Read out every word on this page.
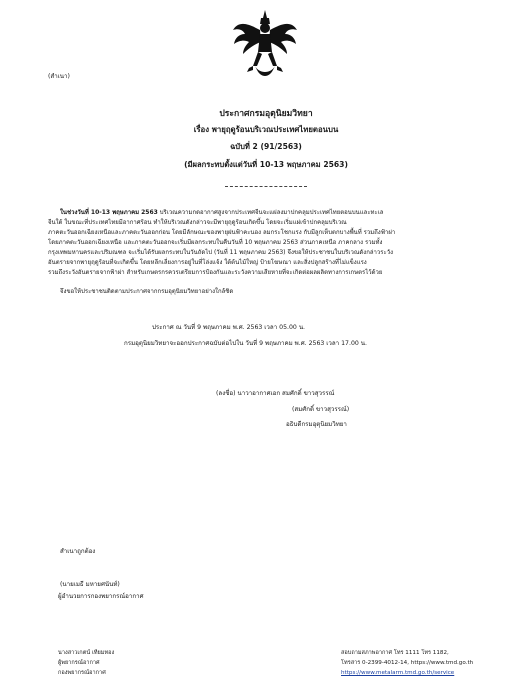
(สำเนา)
ประกาศกรมอุตุนิยมวิทยา
เรื่อง พายุฤดูร้อนบริเวณประเทศไทยตอนบน
ฉบับที่ 2 (91/2563)
(มีผลกระทบตั้งแต่วันที่ 10-13 พฤษภาคม 2563)
ในช่วงวันที่ 10-13 พฤษภาคม 2563 บริเวณความกดอากาศสูงจากประเทศจีนจะแผ่ลงมาปกคลุมประเทศไทยตอนบนและทะเล
จีนใต้ ในขณะที่ประเทศไทยมีอากาศร้อน ทำให้บริเวณดังกล่าวจะมีพายุฤดูร้อนเกิดขึ้น โดยจะเริ่มแผ่เข้าปกคลุมบริเวณ
ภาคตะวันออกเฉียงเหนือและภาคตะวันออกก่อน โดยมีลักษณะของพายุฝนฟ้าคะนอง ลมกระโชกแรง กับมีลูกเห็บตกบางพื้นที่ รวมถึงฟ้าผ่า
โดยภาคตะวันออกเฉียงเหนือ และภาคตะวันออกจะเริ่มมีผลกระทบในคืนวันที่ 10 พฤษภาคม 2563 ส่วนภาคเหนือ ภาคกลาง รวมทั้ง
กรุงเทพมหานครและปริมณฑล จะเริ่มได้รับผลกระทบในวันถัดไป (วันที่ 11 พฤษภาคม 2563) จึงขอให้ประชาชนในบริเวณดังกล่าวระวัง
อันตรายจากพายุฤดูร้อนที่จะเกิดขึ้น โดยหลีกเลี่ยงการอยู่ในที่โล่งแจ้ง ใต้ต้นไม้ใหญ่ ป้ายโฆษณา และสิ่งปลูกสร้างที่ไม่แข็งแรง
รวมถึงระวังอันตรายจากฟ้าผ่า สำหรับเกษตรกรควรเตรียมการป้องกันและระวังความเสียหายที่จะเกิดต่อผลผลิตทางการเกษตรไว้ด้วย
จึงขอให้ประชาชนติดตามประกาศจากกรมอุตุนิยมวิทยาอย่างใกล้ชิด
ประกาศ ณ วันที่ 9 พฤษภาคม พ.ศ. 2563 เวลา 05.00 น.
กรมอุตุนิยมวิทยาจะออกประกาศฉบับต่อไปใน วันที่ 9 พฤษภาคม พ.ศ. 2563 เวลา 17.00 น.
(ลงชื่อ) นาวาอากาศเอก สมศักดิ์ ขาวสุวรรณ์
(สมศักดิ์ ขาวสุวรรณ์)
อธิบดีกรมอุตุนิยมวิทยา
สำเนาถูกต้อง
(นายเมธี มหายศนันท์)
ผู้อำนวยการกองพยากรณ์อากาศ
นางสาวเกตน์ เทียมทอง
ผู้พยากรณ์อากาศ
กองพยากรณ์อากาศ
สอบถามสภาพอากาศ โทร 1111 โทร 1182,
โทรสาร 0-2399-4012-14, https://www.tmd.go.th
https://www.metalarm.tmd.go.th/service
